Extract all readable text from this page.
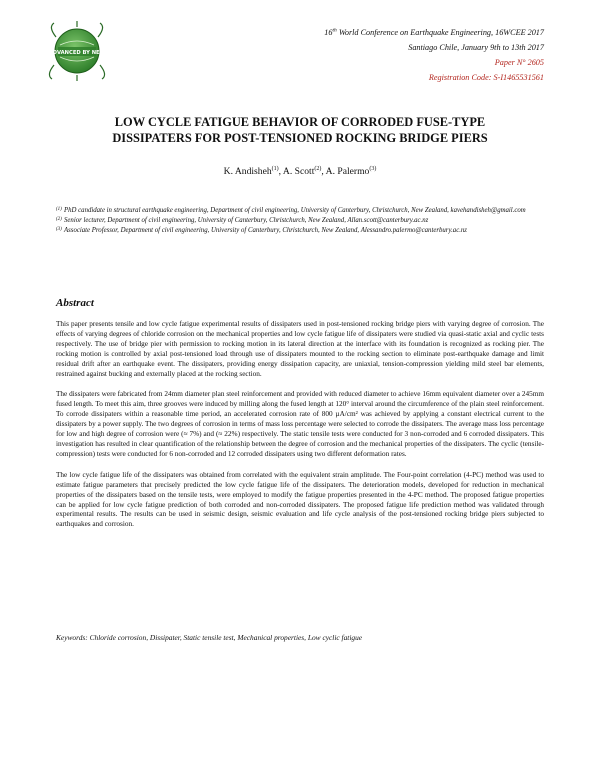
ADVANCED BY NEW
16th World Conference on Earthquake Engineering, 16WCEE 2017
Santiago Chile, January 9th to 13th 2017
Paper N° 2605
Registration Code: S-I1465531561
LOW CYCLE FATIGUE BEHAVIOR OF CORRODED FUSE-TYPE
DISSIPATERS FOR POST-TENSIONED ROCKING BRIDGE PIERS
K. Andisheh$^{(1)}$, A. Scott$^{(2)}$, A. Palermo$^{(3)}$
(1) PhD candidate in structural earthquake engineering, Department of civil engineering, University of Canterbury, Christchurch, New Zealand, kavehandisheh@gmail.com
(2) Senior lecturer, Department of civil engineering, University of Canterbury, Christchurch, New Zealand, Allan.scott@canterbury.ac.nz
(3) Associate Professor, Department of civil engineering, University of Canterbury, Christchurch, New Zealand, Alessandro.palermo@canterbury.ac.nz
Abstract

This paper presents tensile and low cycle fatigue experimental results of dissipaters used in post-tensioned rocking bridge piers with varying degree of corrosion. The effects of varying degrees of chloride corrosion on the mechanical properties and low cycle fatigue life of dissipaters were studied via quasi-static axial and cyclic tests respectively. The use of bridge pier with permission to rocking motion in its lateral direction at the interface with its foundation is recognized as rocking pier. The rocking motion is controlled by axial post-tensioned load through use of dissipaters mounted to the rocking section to eliminate post-earthquake damage and limit residual drift after an earthquake event. The dissipaters, providing energy dissipation capacity, are uniaxial, tension-compression yielding mild steel bar elements, restrained against bucking and externally placed at the rocking section.

The dissipaters were fabricated from 24mm diameter plan steel reinforcement and provided with reduced diameter to achieve 16mm equivalent diameter over a 245mm fused length. To meet this aim, three grooves were induced by milling along the fused length at 120° interval around the circumference of the plain steel reinforcement. To corrode dissipaters within a reasonable time period, an accelerated corrosion rate of 800 µA/cm² was achieved by applying a constant electrical current to the dissipaters by a power supply. The two degrees of corrosion in terms of mass loss percentage were selected to corrode the dissipaters. The average mass loss percentage for low and high degree of corrosion were (≈ 7%) and (≈ 22%) respectively. The static tensile tests were conducted for 3 non-corroded and 6 corroded dissipaters. This investigation has resulted in clear quantification of the relationship between the degree of corrosion and the mechanical properties of the dissipaters. The cyclic (tensile-compression) tests were conducted for 6 non-corroded and 12 corroded dissipaters using two different deformation rates.

The low cycle fatigue life of the dissipaters was obtained from correlated with the equivalent strain amplitude. The Four-point correlation (4-PC) method was used to estimate fatigue parameters that precisely predicted the low cycle fatigue life of the dissipaters. The deterioration models, developed for reduction in mechanical properties of the dissipaters based on the tensile tests, were employed to modify the fatigue properties presented in the 4-PC method. The proposed fatigue properties can be applied for low cycle fatigue prediction of both corroded and non-corroded dissipaters. The proposed fatigue life prediction method was validated through experimental results. The results can be used in seismic design, seismic evaluation and life cycle analysis of the post-tensioned rocking bridge piers subjected to earthquakes and corrosion.

Keywords: Chloride corrosion, Dissipater, Static tensile test, Mechanical properties, Low cyclic fatigue
